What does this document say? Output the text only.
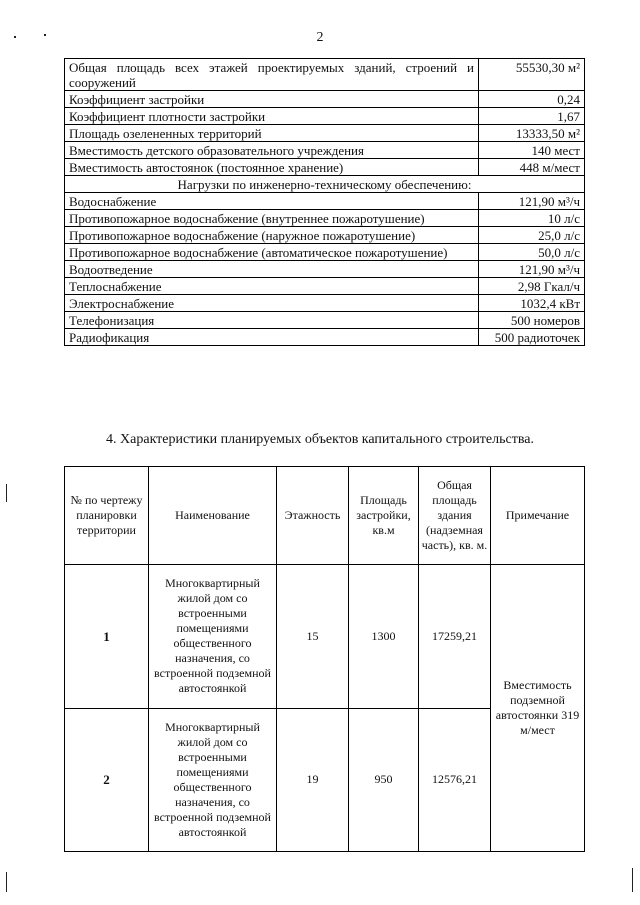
2
Общая площадь всех этажей проектируемых зданий, строений и сооружений	55530,30 м²
Коэффициент застройки	0,24
Коэффициент плотности застройки	1,67
Площадь озелененных территорий	13333,50 м²
Вместимость детского образовательного учреждения	140 мест
Вместимость автостоянок (постоянное хранение)	448 м/мест
Нагрузки по инженерно-техническому обеспечению:	
Водоснабжение	121,90 м³/ч
Противопожарное водоснабжение (внутреннее пожаротушение)	10 л/с
Противопожарное водоснабжение (наружное пожаротушение)	25,0 л/с
Противопожарное водоснабжение (автоматическое пожаротушение)	50,0 л/с
Водоотведение	121,90 м³/ч
Теплоснабжение	2,98 Гкал/ч
Электроснабжение	1032,4 кВт
Телефонизация	500 номеров
Радиофикация	500 радиоточек
4. Характеристики планируемых объектов капитального строительства.
№ по чертежу планировки территории	Наименование	Этажность	Площадь застройки, кв.м	Общая площадь здания (надземная часть), кв. м.	Примечание
1	Многоквартирный жилой дом со встроенными помещениями общественного назначения, со встроенной подземной автостоянкой	15	1300	17259,21	Вместимость подземной автостоянки 319 м/мест
2	Многоквартирный жилой дом со встроенными помещениями общественного назначения, со встроенной подземной автостоянкой	19	950	12576,21	
